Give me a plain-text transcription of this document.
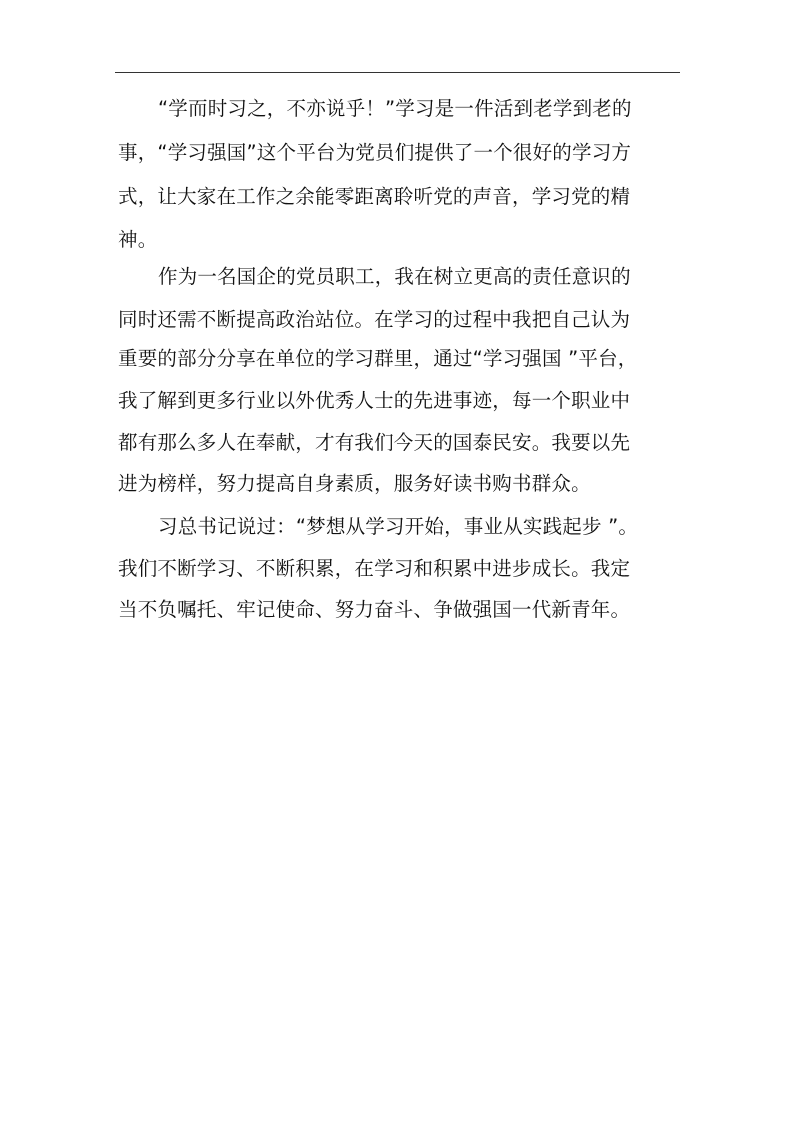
“学而时习之，不亦说乎！”学习是一件活到老学到老的
事，“学习强国”这个平台为党员们提供了一个很好的学习方
式，让大家在工作之余能零距离聆听党的声音，学习党的精
神。
作为一名国企的党员职工，我在树立更高的责任意识的
同时还需不断提高政治站位。在学习的过程中我把自己认为
重要的部分分享在单位的学习群里，通过“学习强国 ”平台，
我了解到更多行业以外优秀人士的先进事迹，每一个职业中
都有那么多人在奉献，才有我们今天的国泰民安。我要以先
进为榜样，努力提高自身素质，服务好读书购书群众。
习总书记说过：“梦想从学习开始，事业从实践起步 ”。
我们不断学习、不断积累，在学习和积累中进步成长。我定
当不负嘱托、牢记使命、努力奋斗、争做强国一代新青年。
